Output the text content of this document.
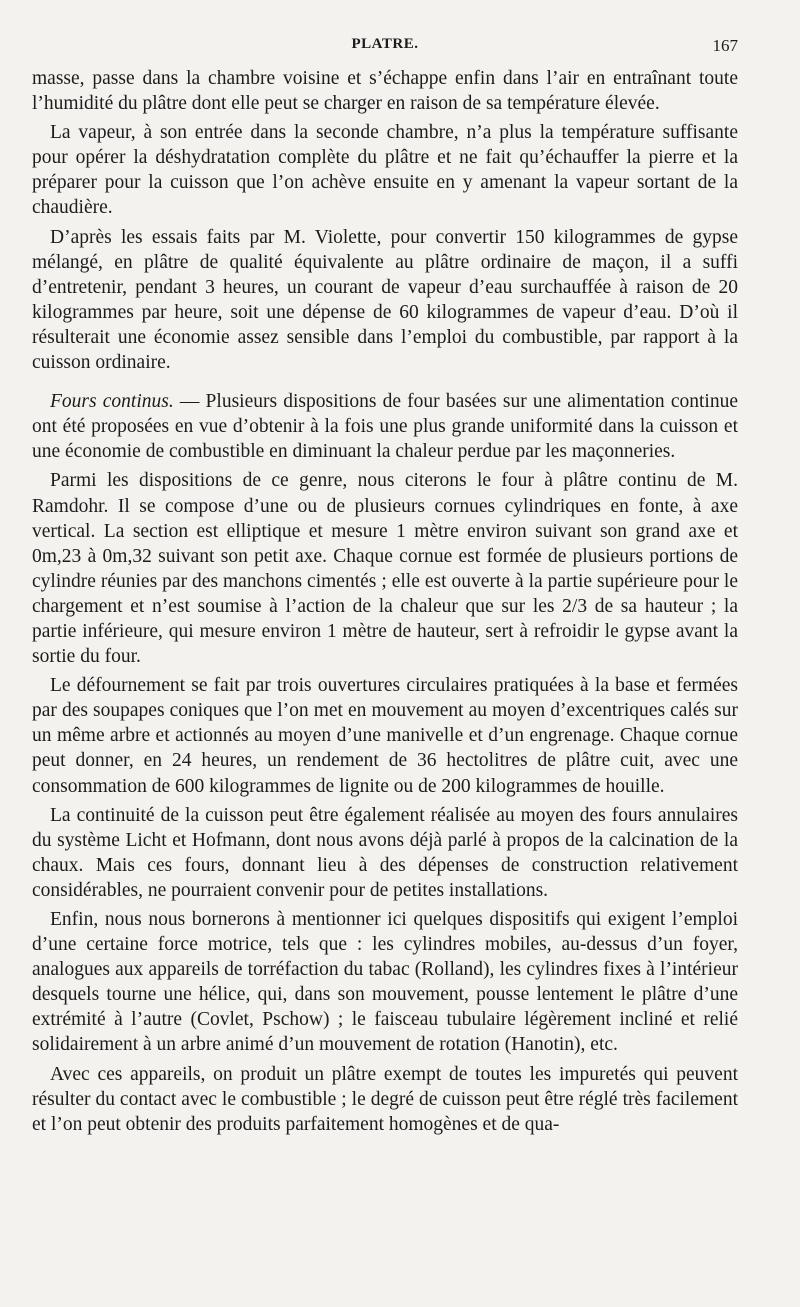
PLATRE.	167

masse, passe dans la chambre voisine et s’échappe enfin dans l’air en entraînant toute l’humidité du plâtre dont elle peut se charger en raison de sa température élevée.

La vapeur, à son entrée dans la seconde chambre, n’a plus la température suffisante pour opérer la déshydratation complète du plâtre et ne fait qu’échauffer la pierre et la préparer pour la cuisson que l’on achève ensuite en y amenant la vapeur sortant de la chaudière.

D’après les essais faits par M. Violette, pour convertir 150 kilogrammes de gypse mélangé, en plâtre de qualité équivalente au plâtre ordinaire de maçon, il a suffi d’entretenir, pendant 3 heures, un courant de vapeur d’eau surchauffée à raison de 20 kilogrammes par heure, soit une dépense de 60 kilogrammes de vapeur d’eau. D’où il résulterait une économie assez sensible dans l’emploi du combustible, par rapport à la cuisson ordinaire.

Fours continus. — Plusieurs dispositions de four basées sur une alimentation continue ont été proposées en vue d’obtenir à la fois une plus grande uniformité dans la cuisson et une économie de combustible en diminuant la chaleur perdue par les maçonneries.

Parmi les dispositions de ce genre, nous citerons le four à plâtre continu de M. Ramdohr. Il se compose d’une ou de plusieurs cornues cylindriques en fonte, à axe vertical. La section est elliptique et mesure 1 mètre environ suivant son grand axe et 0m,23 à 0m,32 suivant son petit axe. Chaque cornue est formée de plusieurs portions de cylindre réunies par des manchons cimentés ; elle est ouverte à la partie supérieure pour le chargement et n’est soumise à l’action de la chaleur que sur les 2/3 de sa hauteur ; la partie inférieure, qui mesure environ 1 mètre de hauteur, sert à refroidir le gypse avant la sortie du four.

Le défournement se fait par trois ouvertures circulaires pratiquées à la base et fermées par des soupapes coniques que l’on met en mouvement au moyen d’excentriques calés sur un même arbre et actionnés au moyen d’une manivelle et d’un engrenage. Chaque cornue peut donner, en 24 heures, un rendement de 36 hectolitres de plâtre cuit, avec une consommation de 600 kilogrammes de lignite ou de 200 kilogrammes de houille.

La continuité de la cuisson peut être également réalisée au moyen des fours annulaires du système Licht et Hofmann, dont nous avons déjà parlé à propos de la calcination de la chaux. Mais ces fours, donnant lieu à des dépenses de construction relativement considérables, ne pourraient convenir pour de petites installations.

Enfin, nous nous bornerons à mentionner ici quelques dispositifs qui exigent l’emploi d’une certaine force motrice, tels que : les cylindres mobiles, au-dessus d’un foyer, analogues aux appareils de torréfaction du tabac (Rolland), les cylindres fixes à l’intérieur desquels tourne une hélice, qui, dans son mouvement, pousse lentement le plâtre d’une extrémité à l’autre (Covlet, Pschow) ; le faisceau tubulaire légèrement incliné et relié solidairement à un arbre animé d’un mouvement de rotation (Hanotin), etc.

Avec ces appareils, on produit un plâtre exempt de toutes les impuretés qui peuvent résulter du contact avec le combustible ; le degré de cuisson peut être réglé très facilement et l’on peut obtenir des produits parfaitement homogènes et de qua-
